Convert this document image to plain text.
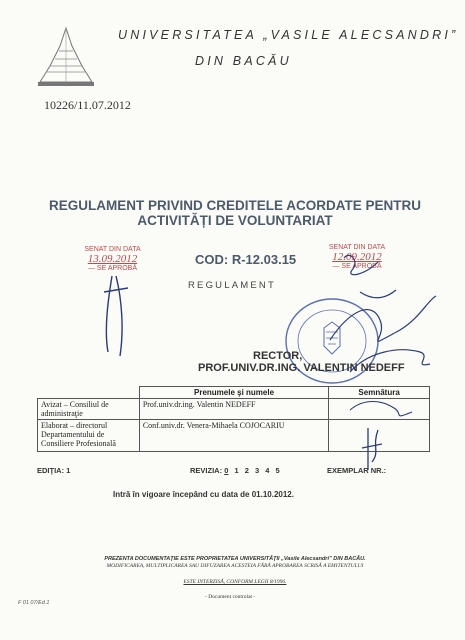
UNIVERSITATEA „VASILE ALECSANDRI”
DIN BACĂU
10226/11.07.2012
REGULAMENT PRIVIND CREDITELE ACORDATE PENTRU
ACTIVITĂȚI DE VOLUNTARIAT
COD: R-12.03.15
REGULAMENT
SENAT DIN DATA
13.09.2012
— SE APROBĂ
SENAT DIN DATA
12.09.2012
— SE APROBĂ
RECTOR,
PROF.UNIV.DR.ING. VALENTIN NEDEFF
	Prenumele şi numele	Semnătura
Avizat – Consiliul de administraţie	Prof.univ.dr.ing. Valentin NEDEFF	
Elaborat – directorul Departamentului de Consiliere Profesională	Conf.univ.dr. Venera-Mihaela COJOCARIU	
EDIŢIA: 1	REVIZIA: 0 1 2 3 4 5	EXEMPLAR NR.:
Intră în vigoare începând cu data de 01.10.2012.
PREZENTA DOCUMENTAŢIE ESTE PROPRIETATEA UNIVERSITĂŢII „Vasile Alecsandri” DIN BACĂU.
MODIFICAREA, MULTIPLICAREA SAU DIFUZAREA ACESTEIA FĂRĂ APROBAREA SCRISĂ A EMITENTULUI
ESTE INTERZISĂ, CONFORM LEGII 8/1996.
- Document controlat -
F 01 07/Ed.1
